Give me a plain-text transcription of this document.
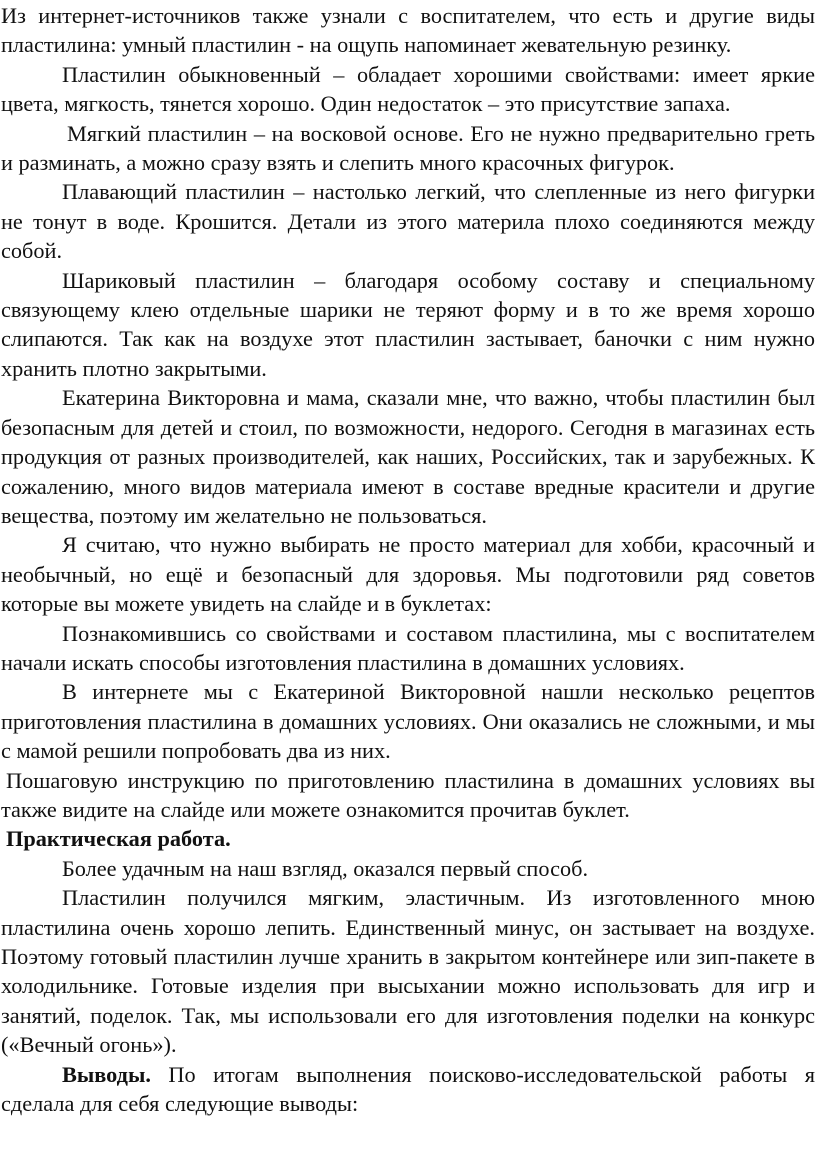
Из интернет-источников также узнали с воспитателем, что есть и другие виды пластилина: умный пластилин - на ощупь напоминает жевательную резинку.

Пластилин обыкновенный – обладает хорошими свойствами: имеет яркие цвета, мягкость, тянется хорошо. Один недостаток – это присутствие запаха.

Мягкий пластилин – на восковой основе. Его не нужно предварительно греть и разминать, а можно сразу взять и слепить много красочных фигурок.

Плавающий пластилин – настолько легкий, что слепленные из него фигурки не тонут в воде. Крошится. Детали из этого материла плохо соединяются между собой.

Шариковый пластилин – благодаря особому составу и специальному связующему клею отдельные шарики не теряют форму и в то же время хорошо слипаются. Так как на воздухе этот пластилин застывает, баночки с ним нужно хранить плотно закрытыми.

Екатерина Викторовна и мама, сказали мне, что важно, чтобы пластилин был безопасным для детей и стоил, по возможности, недорого. Сегодня в магазинах есть продукция от разных производителей, как наших, Российских, так и зарубежных. К сожалению, много видов материала имеют в составе вредные красители и другие вещества, поэтому им желательно не пользоваться.

Я считаю, что нужно выбирать не просто материал для хобби, красочный и необычный, но ещё и безопасный для здоровья. Мы подготовили ряд советов которые вы можете увидеть на слайде и в буклетах:

Познакомившись со свойствами и составом пластилина, мы с воспитателем начали искать способы изготовления пластилина в домашних условиях.

В интернете мы с Екатериной Викторовной нашли несколько рецептов приготовления пластилина в домашних условиях. Они оказались не сложными, и мы с мамой решили попробовать два из них.

Пошаговую инструкцию по приготовлению пластилина в домашних условиях вы также видите на слайде или можете ознакомится прочитав буклет.

Практическая работа.

Более удачным на наш взгляд, оказался первый способ.

Пластилин получился мягким, эластичным. Из изготовленного мною пластилина очень хорошо лепить. Единственный минус, он застывает на воздухе. Поэтому готовый пластилин лучше хранить в закрытом контейнере или зип-пакете в холодильнике. Готовые изделия при высыхании можно использовать для игр и занятий, поделок. Так, мы использовали его для изготовления поделки на конкурс («Вечный огонь»).

Выводы. По итогам выполнения поисково-исследовательской работы я сделала для себя следующие выводы:
